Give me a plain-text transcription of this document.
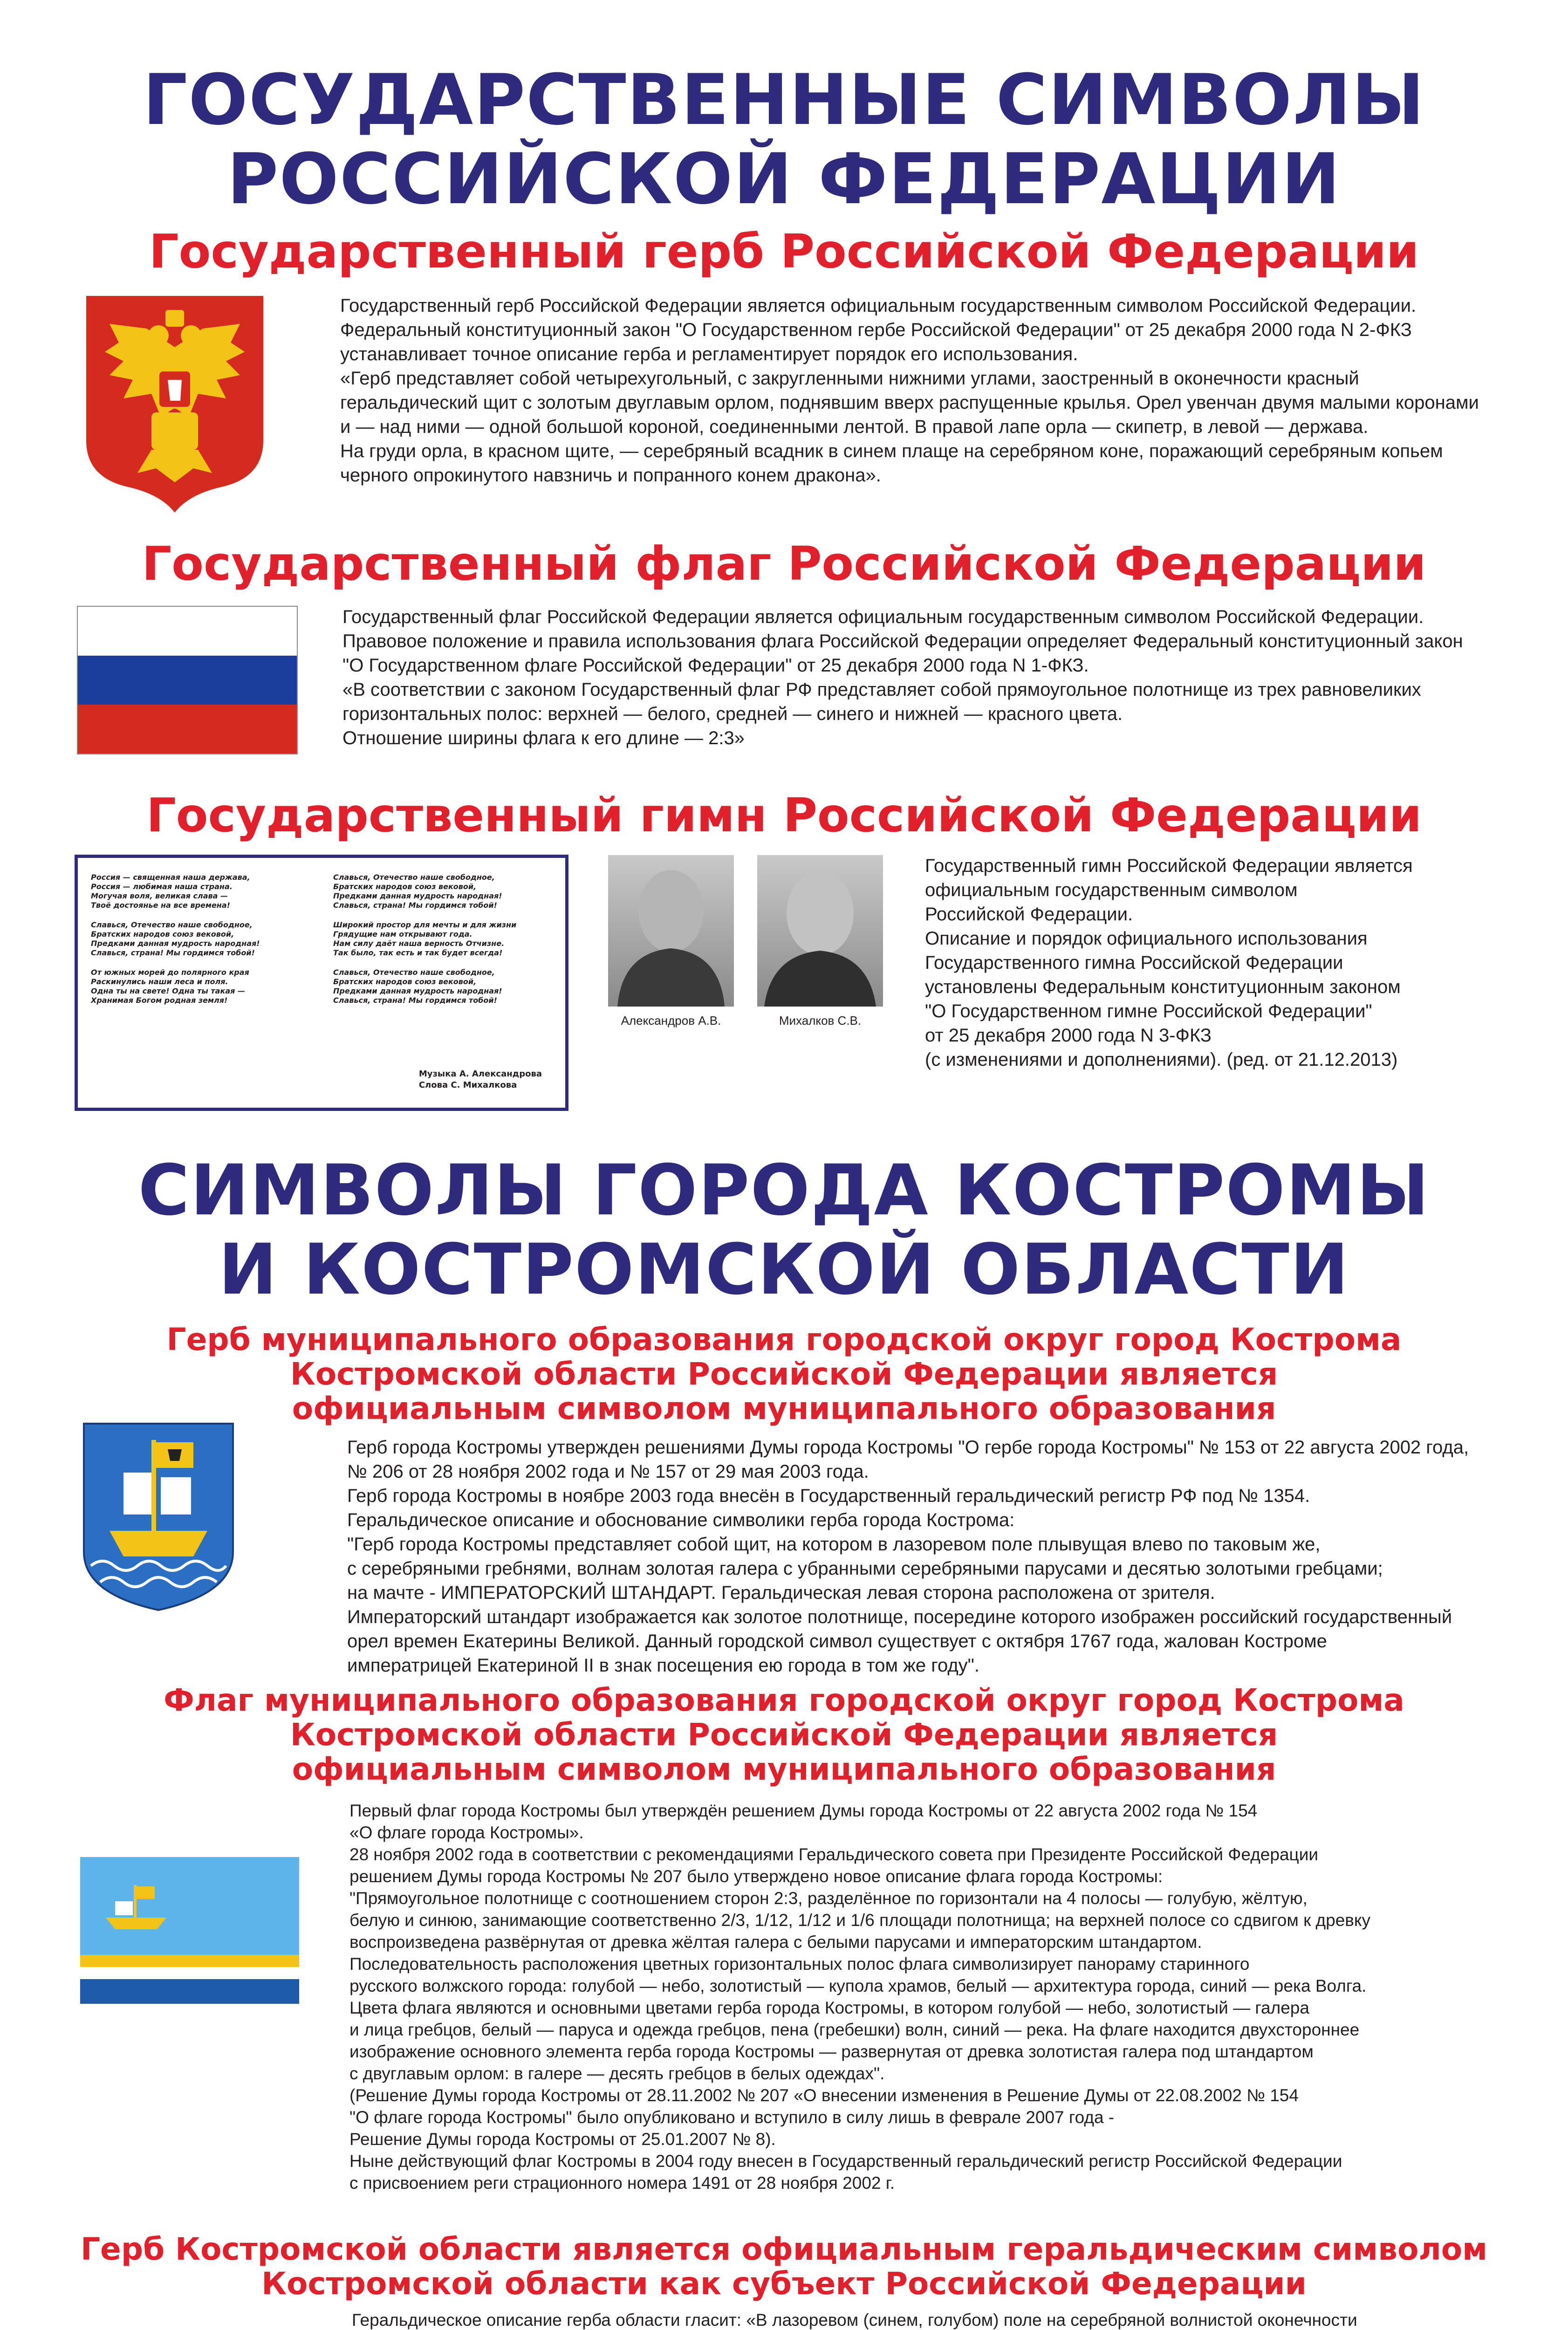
ГОСУДАРСТВЕННЫЕ СИМВОЛЫ
РОССИЙСКОЙ ФЕДЕРАЦИИ
Государственный герб Российской Федерации

Государственный герб Российской Федерации является официальным государственным символом Российской Федерации.

Федеральный конституционный закон "О Государственном гербе Российской Федерации" от 25 декабря 2000 года N 2-ФКЗ

устанавливает точное описание герба и регламентирует порядок его использования.

«Герб представляет собой четырехугольный, с закругленными нижними углами, заостренный в оконечности красный

геральдический щит с золотым двуглавым орлом, поднявшим вверх распущенные крылья. Орел увенчан двумя малыми коронами

и — над ними — одной большой короной, соединенными лентой. В правой лапе орла — скипетр, в левой — держава.

На груди орла, в красном щите, — серебряный всадник в синем плаще на серебряном коне, поражающий серебряным копьем

черного опрокинутого навзничь и попранного конем дракона».

Государственный флаг Российской Федерации

Государственный флаг Российской Федерации является официальным государственным символом Российской Федерации.

Правовое положение и правила использования флага Российской Федерации определяет Федеральный конституционный закон

"О Государственном флаге Российской Федерации" от 25 декабря 2000 года N 1-ФКЗ.

«В соответствии с законом Государственный флаг РФ представляет собой прямоугольное полотнище из трех равновеликих

горизонтальных полос: верхней — белого, средней — синего и нижней — красного цвета.

Отношение ширины флага к его длине — 2:3»

Государственный гимн Российской Федерации

Россия — священная наша держава,
Россия — любимая наша страна.
Могучая воля, великая слава —
Твоё достоянье на все времена!

Славься, Отечество наше свободное,
Братских народов союз вековой,
Предками данная мудрость народная!
Славься, страна! Мы гордимся тобой!

От южных морей до полярного края
Раскинулись наши леса и поля.
Одна ты на свете! Одна ты такая —
Хранимая Богом родная земля!

Славься, Отечество наше свободное,
Братских народов союз вековой,
Предками данная мудрость народная!
Славься, страна! Мы гордимся тобой!

Широкий простор для мечты и для жизни
Грядущие нам открывают года.
Нам силу даёт наша верность Отчизне.
Так было, так есть и так будет всегда!

Славься, Отечество наше свободное,
Братских народов союз вековой,
Предками данная мудрость народная!
Славься, страна! Мы гордимся тобой!

Музыка А. Александрова
Слова С. Михалкова
Александров А.В.	Михалков С.В.

Государственный гимн Российской Федерации является

официальным государственным символом

Российской Федерации.

Описание и порядок официального использования

Государственного гимна Российской Федерации

установлены Федеральным конституционным законом

"О Государственном гимне Российской Федерации"

от 25 декабря 2000 года N 3-ФКЗ

(с изменениями и дополнениями). (ред. от 21.12.2013)

СИМВОЛЫ ГОРОДА КОСТРОМЫ
И КОСТРОМСКОЙ ОБЛАСТИ
Герб муниципального образования городской округ город Кострома
Костромской области Российской Федерации является
официальным символом муниципального образования

Герб города Костромы утвержден решениями Думы города Костромы "О гербе города Костромы" № 153 от 22 августа 2002 года,

№ 206 от 28 ноября 2002 года и № 157 от 29 мая 2003 года.

Герб города Костромы в ноябре 2003 года внесён в Государственный геральдический регистр РФ под № 1354.

Геральдическое описание и обоснование символики герба города Кострома:

"Герб города Костромы представляет собой щит, на котором в лазоревом поле плывущая влево по таковым же,

с серебряными гребнями, волнам золотая галера с убранными серебряными парусами и десятью золотыми гребцами;

на мачте - ИМПЕРАТОРСКИЙ ШТАНДАРТ. Геральдическая левая сторона расположена от зрителя.

Императорский штандарт изображается как золотое полотнище, посередине которого изображен российский государственный

орел времен Екатерины Великой. Данный городской символ существует с октября 1767 года, жалован Костроме

императрицей Екатериной II в знак посещения ею города в том же году".

Флаг муниципального образования городской округ город Кострома
Костромской области Российской Федерации является
официальным символом муниципального образования

Первый флаг города Костромы был утверждён решением Думы города Костромы от 22 августа 2002 года № 154

«О флаге города Костромы».

28 ноября 2002 года в соответствии с рекомендациями Геральдического совета при Президенте Российской Федерации

решением Думы города Костромы № 207 было утверждено новое описание флага города Костромы:

"Прямоугольное полотнище с соотношением сторон 2:3, разделённое по горизонтали на 4 полосы — голубую, жёлтую,

белую и синюю, занимающие соответственно 2/3, 1/12, 1/12 и 1/6 площади полотнища; на верхней полосе со сдвигом к древку

воспроизведена развёрнутая от древка жёлтая галера с белыми парусами и императорским штандартом.

Последовательность расположения цветных горизонтальных полос флага символизирует панораму старинного

русского волжского города: голубой — небо, золотистый — купола храмов, белый — архитектура города, синий — река Волга.

Цвета флага являются и основными цветами герба города Костромы, в котором голубой — небо, золотистый — галера

и лица гребцов, белый — паруса и одежда гребцов, пена (гребешки) волн, синий — река. На флаге находится двухстороннее

изображение основного элемента герба города Костромы — развернутая от древка золотистая галера под штандартом

с двуглавым орлом: в галере — десять гребцов в белых одеждах".

(Решение Думы города Костромы от 28.11.2002 № 207 «О внесении изменения в Решение Думы от 22.08.2002 № 154

"О флаге города Костромы" было опубликовано и вступило в силу лишь в феврале 2007 года -

Решение Думы города Костромы от 25.01.2007 № 8).

Ныне действующий флаг Костромы в 2004 году внесен в Государственный геральдический регистр Российской Федерации

с присвоением реги страционного номера 1491 от 28 ноября 2002 г.

Герб Костромской области является официальным геральдическим символом
Костромской области как субъект Российской Федерации

Геральдическое описание герба области гласит: «В лазоревом (синем, голубом) поле на серебряной волнистой оконечности
